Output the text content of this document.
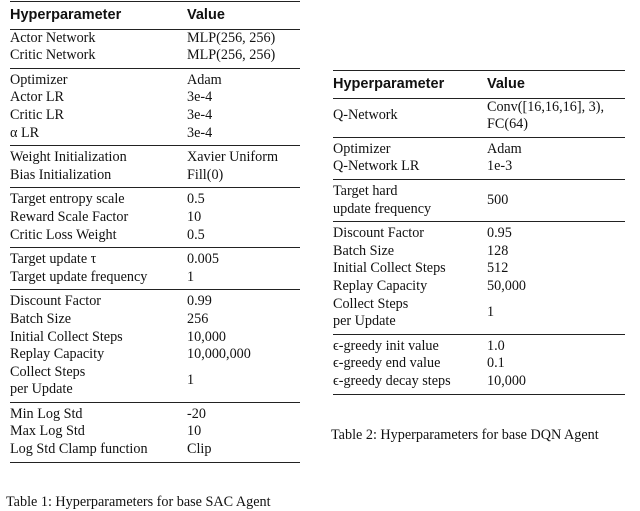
Hyperparameter	Value
Actor Network	MLP(256, 256)
Critic Network	MLP(256, 256)
Optimizer	Adam
Actor LR	3e-4
Critic LR	3e-4
α LR	3e-4
Weight Initialization	Xavier Uniform
Bias Initialization	Fill(0)
Target entropy scale	0.5
Reward Scale Factor	10
Critic Loss Weight	0.5
Target update τ	0.005
Target update frequency	1
Discount Factor	0.99
Batch Size	256
Initial Collect Steps	10,000
Replay Capacity	10,000,000
Collect Steps
per Update	1
Min Log Std	-20
Max Log Std	10
Log Std Clamp function	Clip
Hyperparameter	Value
Q-Network	Conv([16,16,16], 3),
FC(64)
Optimizer	Adam
Q-Network LR	1e-3
Target hard
update frequency	500
Discount Factor	0.95
Batch Size	128
Initial Collect Steps	512
Replay Capacity	50,000
Collect Steps
per Update	1
ϵ-greedy init value	1.0
ϵ-greedy end value	0.1
ϵ-greedy decay steps	10,000
Table 2: Hyperparameters for base DQN Agent
Table 1: Hyperparameters for base SAC Agent
